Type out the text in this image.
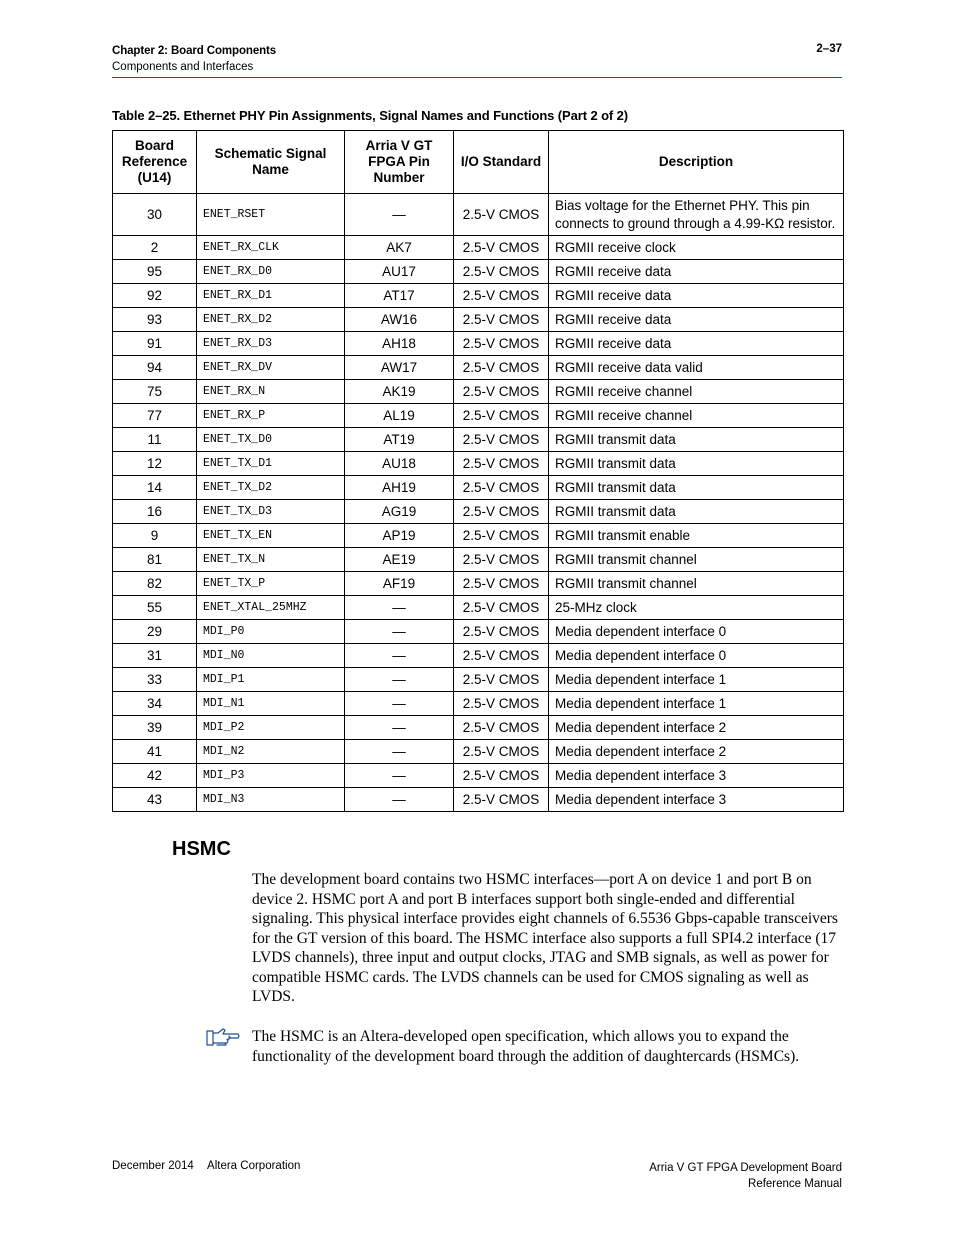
Chapter 2: Board Components
Components and Interfaces
2–37
Table 2–25. Ethernet PHY Pin Assignments, Signal Names and Functions (Part 2 of 2)
Board Reference (U14)	Schematic Signal Name	Arria V GT FPGA Pin Number	I/O Standard	Description
30	ENET_RSET	—	2.5-V CMOS	Bias voltage for the Ethernet PHY. This pin connects to ground through a 4.99-KΩ resistor.
2	ENET_RX_CLK	AK7	2.5-V CMOS	RGMII receive clock
95	ENET_RX_D0	AU17	2.5-V CMOS	RGMII receive data
92	ENET_RX_D1	AT17	2.5-V CMOS	RGMII receive data
93	ENET_RX_D2	AW16	2.5-V CMOS	RGMII receive data
91	ENET_RX_D3	AH18	2.5-V CMOS	RGMII receive data
94	ENET_RX_DV	AW17	2.5-V CMOS	RGMII receive data valid
75	ENET_RX_N	AK19	2.5-V CMOS	RGMII receive channel
77	ENET_RX_P	AL19	2.5-V CMOS	RGMII receive channel
11	ENET_TX_D0	AT19	2.5-V CMOS	RGMII transmit data
12	ENET_TX_D1	AU18	2.5-V CMOS	RGMII transmit data
14	ENET_TX_D2	AH19	2.5-V CMOS	RGMII transmit data
16	ENET_TX_D3	AG19	2.5-V CMOS	RGMII transmit data
9	ENET_TX_EN	AP19	2.5-V CMOS	RGMII transmit enable
81	ENET_TX_N	AE19	2.5-V CMOS	RGMII transmit channel
82	ENET_TX_P	AF19	2.5-V CMOS	RGMII transmit channel
55	ENET_XTAL_25MHZ	—	2.5-V CMOS	25-MHz clock
29	MDI_P0	—	2.5-V CMOS	Media dependent interface 0
31	MDI_N0	—	2.5-V CMOS	Media dependent interface 0
33	MDI_P1	—	2.5-V CMOS	Media dependent interface 1
34	MDI_N1	—	2.5-V CMOS	Media dependent interface 1
39	MDI_P2	—	2.5-V CMOS	Media dependent interface 2
41	MDI_N2	—	2.5-V CMOS	Media dependent interface 2
42	MDI_P3	—	2.5-V CMOS	Media dependent interface 3
43	MDI_N3	—	2.5-V CMOS	Media dependent interface 3
HSMC
The development board contains two HSMC interfaces—port A on device 1 and port B on device 2. HSMC port A and port B interfaces support both single-ended and differential signaling. This physical interface provides eight channels of 6.5536 Gbps-capable transceivers for the GT version of this board. The HSMC interface also supports a full SPI4.2 interface (17 LVDS channels), three input and output clocks, JTAG and SMB signals, as well as power for compatible HSMC cards. The LVDS channels can be used for CMOS signaling as well as LVDS.
The HSMC is an Altera-developed open specification, which allows you to expand the functionality of the development board through the addition of daughtercards (HSMCs).
December 2014 Altera Corporation	Arria V GT FPGA Development Board
Reference Manual
